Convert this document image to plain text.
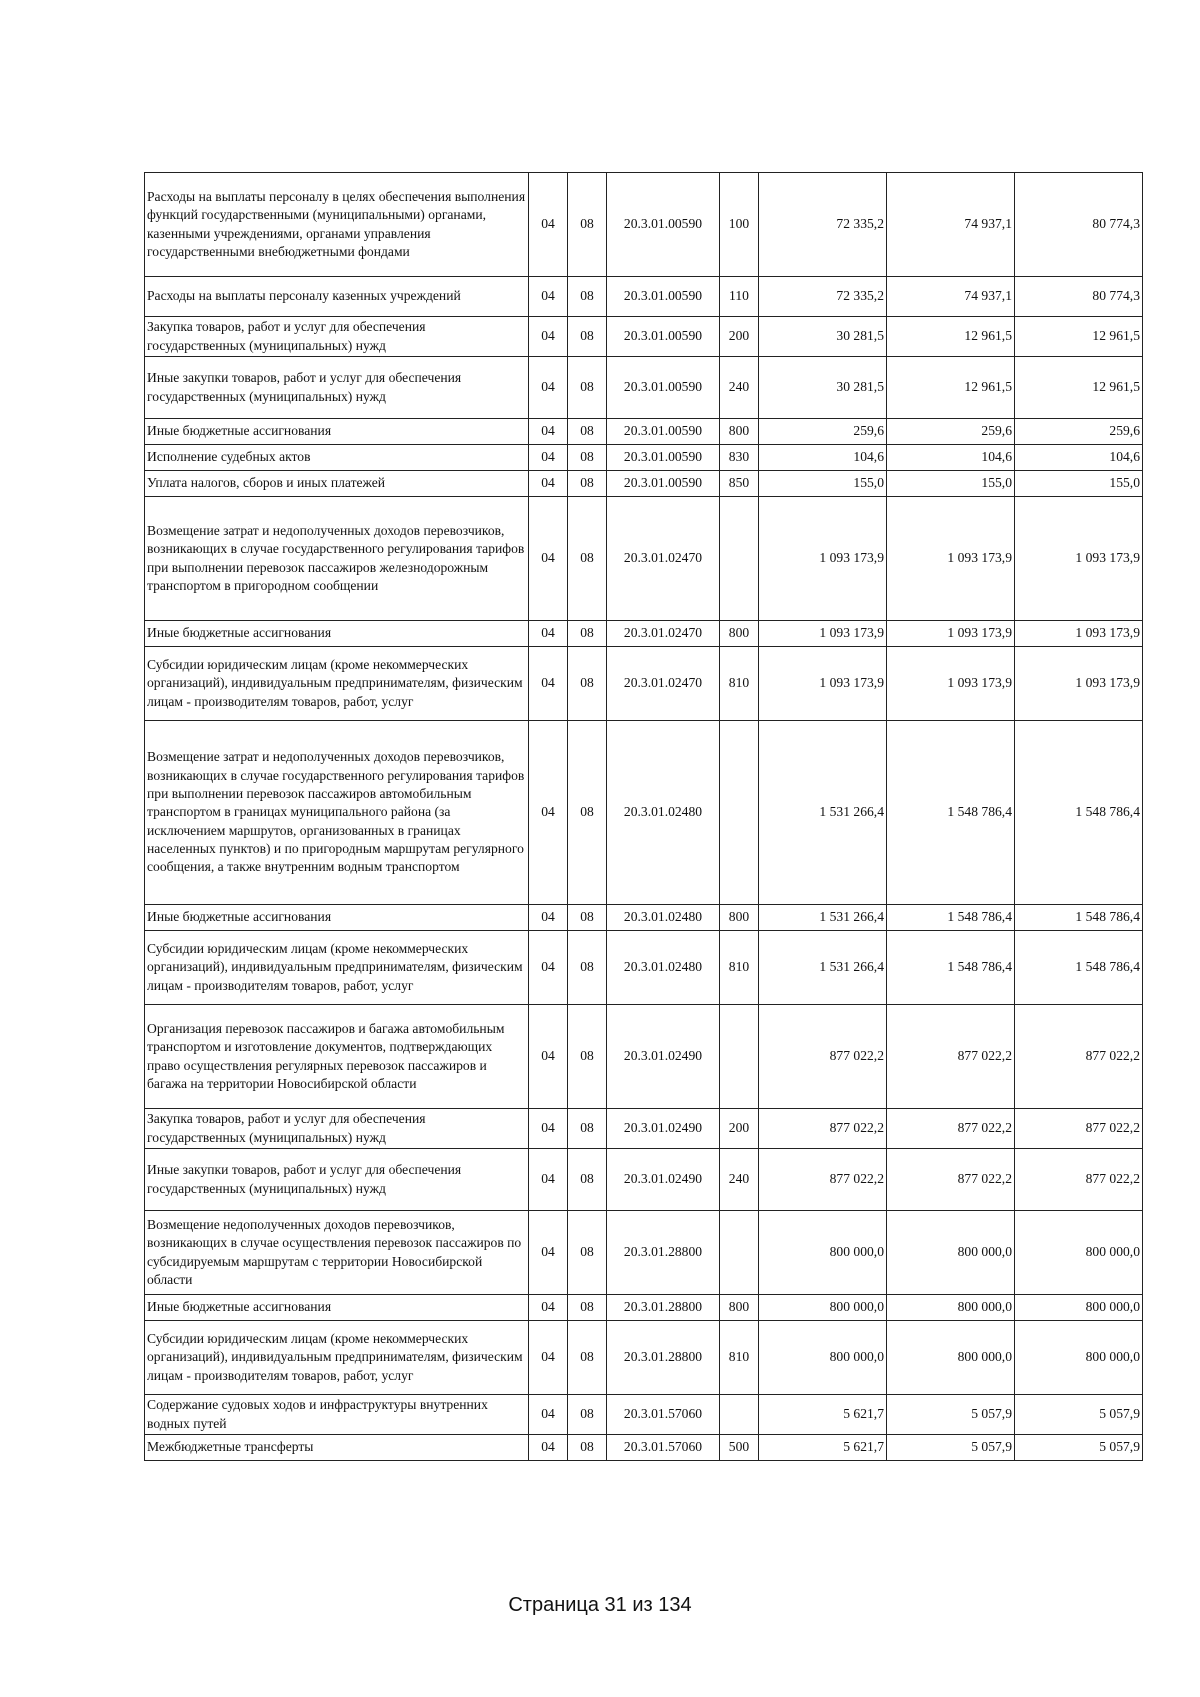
Расходы на выплаты персоналу в целях обеспечения выполнения функций государственными (муниципальными) органами, казенными учреждениями, органами управления государственными внебюджетными фондами	04	08	20.3.01.00590	100	72 335,2	74 937,1	80 774,3
Расходы на выплаты персоналу казенных учреждений	04	08	20.3.01.00590	110	72 335,2	74 937,1	80 774,3
Закупка товаров, работ и услуг для обеспечения государственных (муниципальных) нужд	04	08	20.3.01.00590	200	30 281,5	12 961,5	12 961,5
Иные закупки товаров, работ и услуг для обеспечения государственных (муниципальных) нужд	04	08	20.3.01.00590	240	30 281,5	12 961,5	12 961,5
Иные бюджетные ассигнования	04	08	20.3.01.00590	800	259,6	259,6	259,6
Исполнение судебных актов	04	08	20.3.01.00590	830	104,6	104,6	104,6
Уплата налогов, сборов и иных платежей	04	08	20.3.01.00590	850	155,0	155,0	155,0
Возмещение затрат и недополученных доходов перевозчиков, возникающих в случае государственного регулирования тарифов при выполнении перевозок пассажиров железнодорожным транспортом в пригородном сообщении	04	08	20.3.01.02470		1 093 173,9	1 093 173,9	1 093 173,9
Иные бюджетные ассигнования	04	08	20.3.01.02470	800	1 093 173,9	1 093 173,9	1 093 173,9
Субсидии юридическим лицам (кроме некоммерческих организаций), индивидуальным предпринимателям, физическим лицам - производителям товаров, работ, услуг	04	08	20.3.01.02470	810	1 093 173,9	1 093 173,9	1 093 173,9
Возмещение затрат и недополученных доходов перевозчиков, возникающих в случае государственного регулирования тарифов при выполнении перевозок пассажиров автомобильным транспортом в границах муниципального района (за исключением маршрутов, организованных в границах населенных пунктов) и по пригородным маршрутам регулярного сообщения, а также внутренним водным транспортом	04	08	20.3.01.02480		1 531 266,4	1 548 786,4	1 548 786,4
Иные бюджетные ассигнования	04	08	20.3.01.02480	800	1 531 266,4	1 548 786,4	1 548 786,4
Субсидии юридическим лицам (кроме некоммерческих организаций), индивидуальным предпринимателям, физическим лицам - производителям товаров, работ, услуг	04	08	20.3.01.02480	810	1 531 266,4	1 548 786,4	1 548 786,4
Организация перевозок пассажиров и багажа автомобильным транспортом и изготовление документов, подтверждающих право осуществления регулярных перевозок пассажиров и багажа на территории Новосибирской области	04	08	20.3.01.02490		877 022,2	877 022,2	877 022,2
Закупка товаров, работ и услуг для обеспечения государственных (муниципальных) нужд	04	08	20.3.01.02490	200	877 022,2	877 022,2	877 022,2
Иные закупки товаров, работ и услуг для обеспечения государственных (муниципальных) нужд	04	08	20.3.01.02490	240	877 022,2	877 022,2	877 022,2
Возмещение недополученных доходов перевозчиков, возникающих в случае осуществления перевозок пассажиров по субсидируемым маршрутам с территории Новосибирской области	04	08	20.3.01.28800		800 000,0	800 000,0	800 000,0
Иные бюджетные ассигнования	04	08	20.3.01.28800	800	800 000,0	800 000,0	800 000,0
Субсидии юридическим лицам (кроме некоммерческих организаций), индивидуальным предпринимателям, физическим лицам - производителям товаров, работ, услуг	04	08	20.3.01.28800	810	800 000,0	800 000,0	800 000,0
Содержание судовых ходов и инфраструктуры внутренних водных путей	04	08	20.3.01.57060		5 621,7	5 057,9	5 057,9
Межбюджетные трансферты	04	08	20.3.01.57060	500	5 621,7	5 057,9	5 057,9
Страница 31 из 134
